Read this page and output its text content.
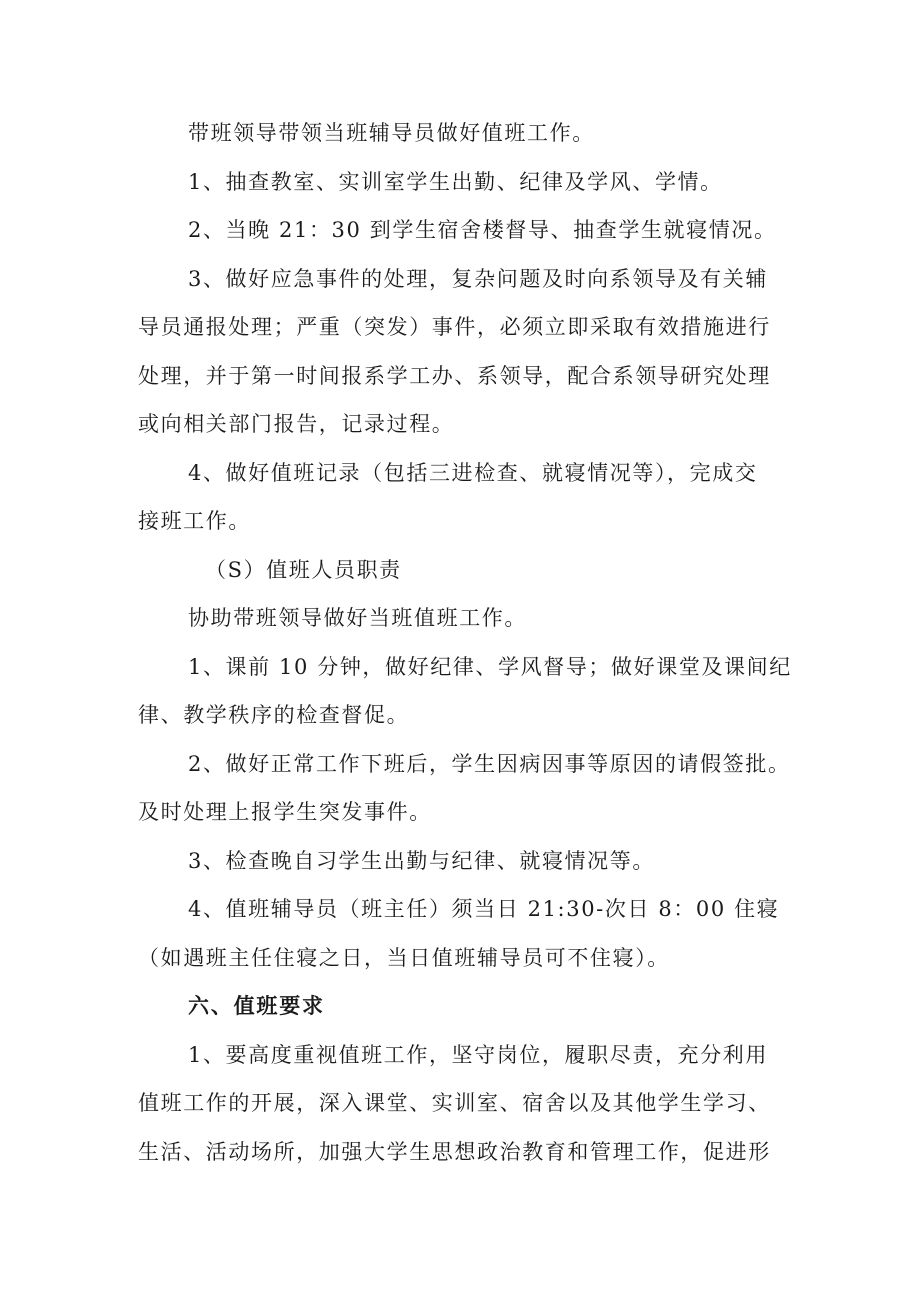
带班领导带领当班辅导员做好值班工作。

1、抽查教室、实训室学生出勤、纪律及学风、学情。

2、当晚 21：30 到学生宿舍楼督导、抽查学生就寝情况。

3、做好应急事件的处理，复杂问题及时向系领导及有关辅

导员通报处理；严重（突发）事件，必须立即采取有效措施进行

处理，并于第一时间报系学工办、系领导，配合系领导研究处理

或向相关部门报告，记录过程。

4、做好值班记录（包括三进检查、就寝情况等），完成交

接班工作。

（S）值班人员职责

协助带班领导做好当班值班工作。

1、课前 10 分钟，做好纪律、学风督导；做好课堂及课间纪

律、教学秩序的检查督促。

2、做好正常工作下班后，学生因病因事等原因的请假签批。

及时处理上报学生突发事件。

3、检查晚自习学生出勤与纪律、就寝情况等。

4、值班辅导员（班主任）须当日 21:30-次日 8：00 住寝

（如遇班主任住寝之日，当日值班辅导员可不住寝）。

六、值班要求

1、要高度重视值班工作，坚守岗位，履职尽责，充分利用

值班工作的开展，深入课堂、实训室、宿舍以及其他学生学习、

生活、活动场所，加强大学生思想政治教育和管理工作，促进形
